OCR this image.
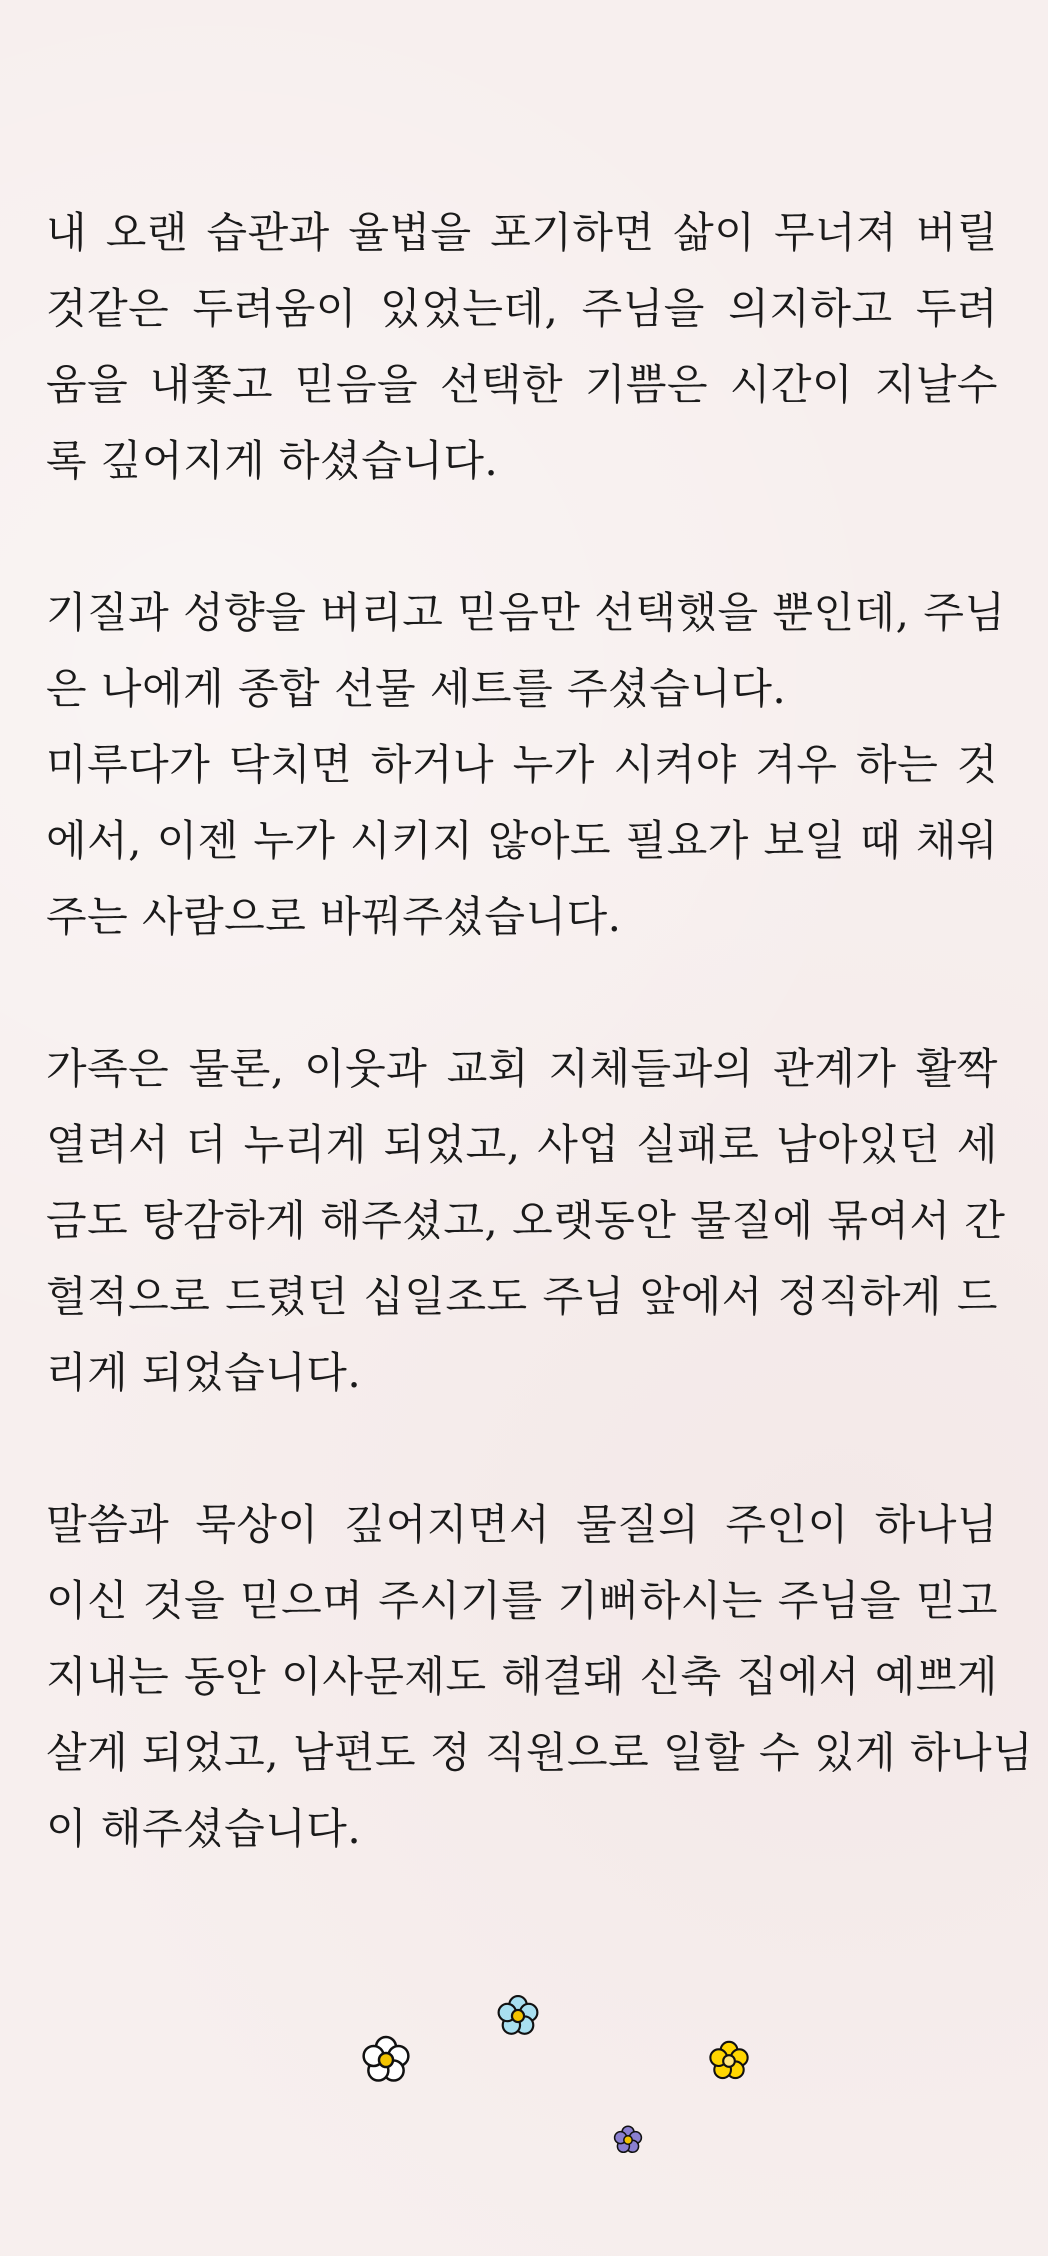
내 오랜 습관과 율법을 포기하면 삶이 무너져 버릴
것같은 두려움이 있었는데, 주님을 의지하고 두려
움을 내쫓고 믿음을 선택한 기쁨은 시간이 지날수
록 깊어지게 하셨습니다.

기질과 성향을 버리고 믿음만 선택했을 뿐인데, 주님
은 나에게 종합 선물 세트를 주셨습니다.
미루다가 닥치면 하거나 누가 시켜야 겨우 하는 것
에서, 이젠 누가 시키지 않아도 필요가 보일 때 채워
주는 사람으로 바꿔주셨습니다.

가족은 물론, 이웃과 교회 지체들과의 관계가 활짝
열려서 더 누리게 되었고, 사업 실패로 남아있던 세
금도 탕감하게 해주셨고, 오랫동안 물질에 묶여서 간
헐적으로 드렸던 십일조도 주님 앞에서 정직하게 드
리게 되었습니다.

말씀과 묵상이 깊어지면서 물질의 주인이 하나님
이신 것을 믿으며 주시기를 기뻐하시는 주님을 믿고
지내는 동안 이사문제도 해결돼 신축 집에서 예쁘게
살게 되었고, 남편도 정 직원으로 일할 수 있게 하나님
이 해주셨습니다.
